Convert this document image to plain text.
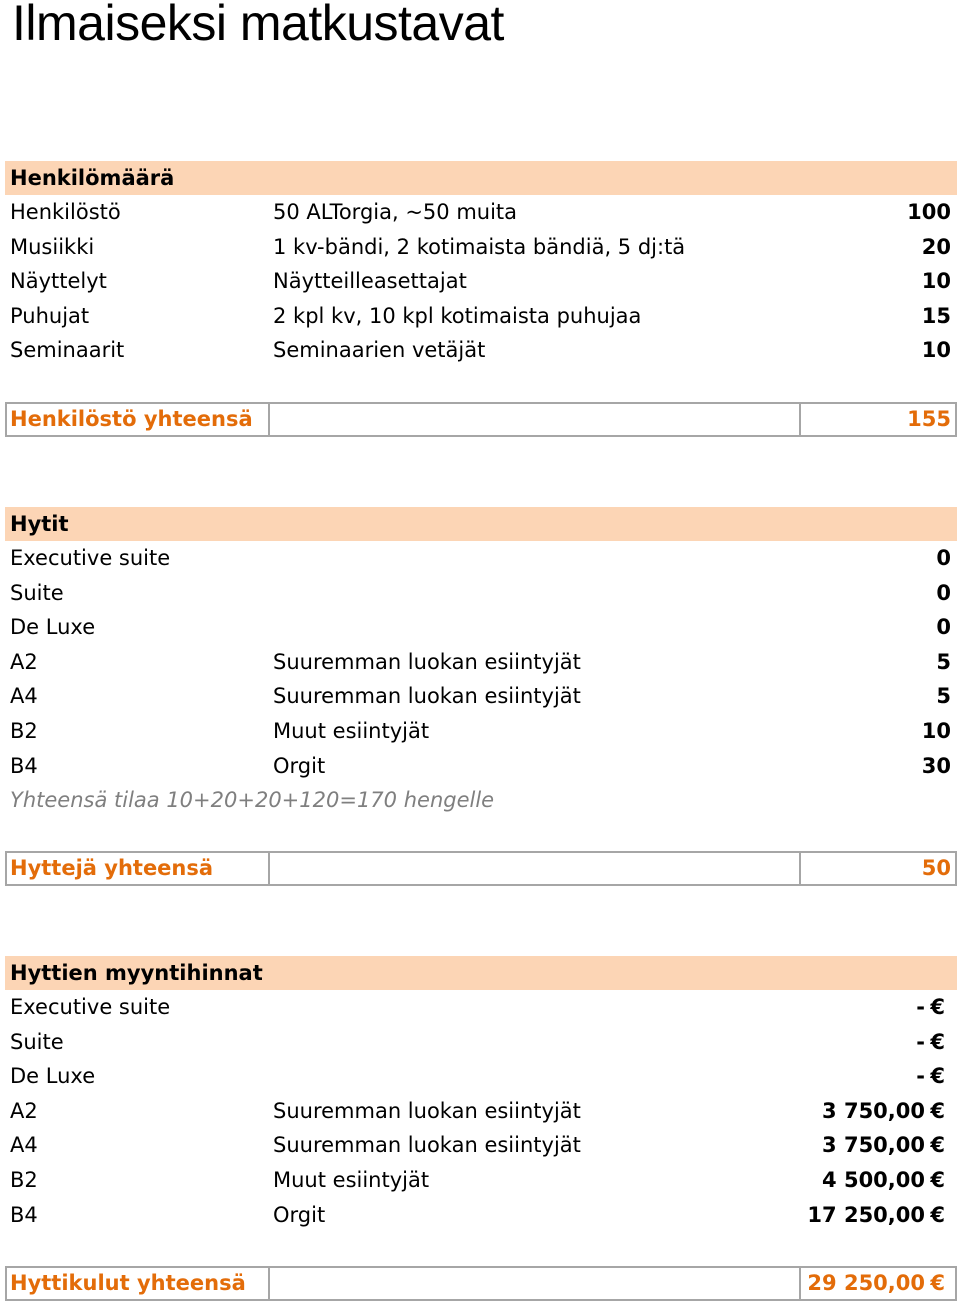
Ilmaiseksi matkustavat
Henkilömäärä
Henkilöstö	50 ALTorgia, ~50 muita	100
Musiikki	1 kv-bändi, 2 kotimaista bändiä, 5 dj:tä	20
Näyttelyt	Näytteilleasettajat	10
Puhujat	2 kpl kv, 10 kpl kotimaista puhujaa	15
Seminaarit	Seminaarien vetäjät	10
Henkilöstö yhteensä	155
Hytit
Executive suite	0
Suite	0
De Luxe	0
A2	Suuremman luokan esiintyjät	5
A4	Suuremman luokan esiintyjät	5
B2	Muut esiintyjät	10
B4	Orgit	30
Yhteensä tilaa 10+20+20+120=170 hengelle
Hyttejä yhteensä	50
Hyttien myyntihinnat
Executive suite	- €
Suite	- €
De Luxe	- €
A2	Suuremman luokan esiintyjät	3 750,00 €
A4	Suuremman luokan esiintyjät	3 750,00 €
B2	Muut esiintyjät	4 500,00 €
B4	Orgit	17 250,00 €
Hyttikulut yhteensä	29 250,00 €
